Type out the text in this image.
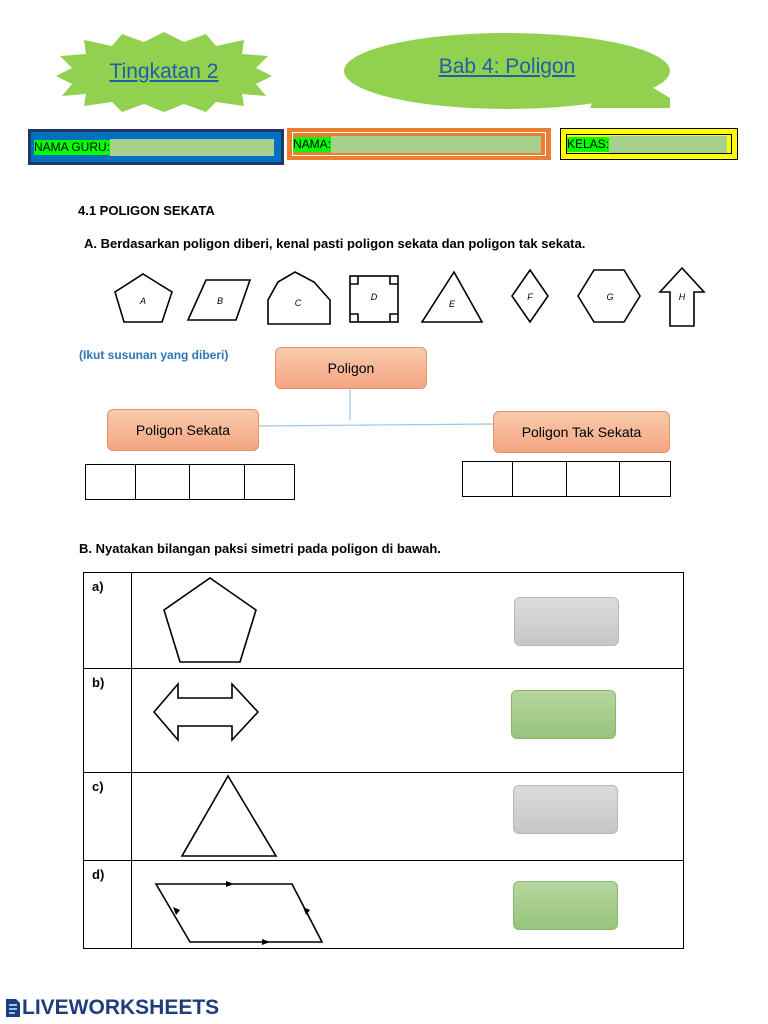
Tingkatan 2	Bab 4: Poligon
NAMA GURU:	NAMA:	KELAS:
4.1 POLIGON SEKATA
A. Berdasarkan poligon diberi, kenal pasti poligon sekata dan poligon tak sekata.
A	B	C
D
E
F	G	H
(Ikut susunan yang diberi)
Poligon
Poligon Sekata	Poligon Tak Sekata
B. Nyatakan bilangan paksi simetri pada poligon di bawah.
a)	

b)	

c)	

d)	

LIVEWORKSHEETS
